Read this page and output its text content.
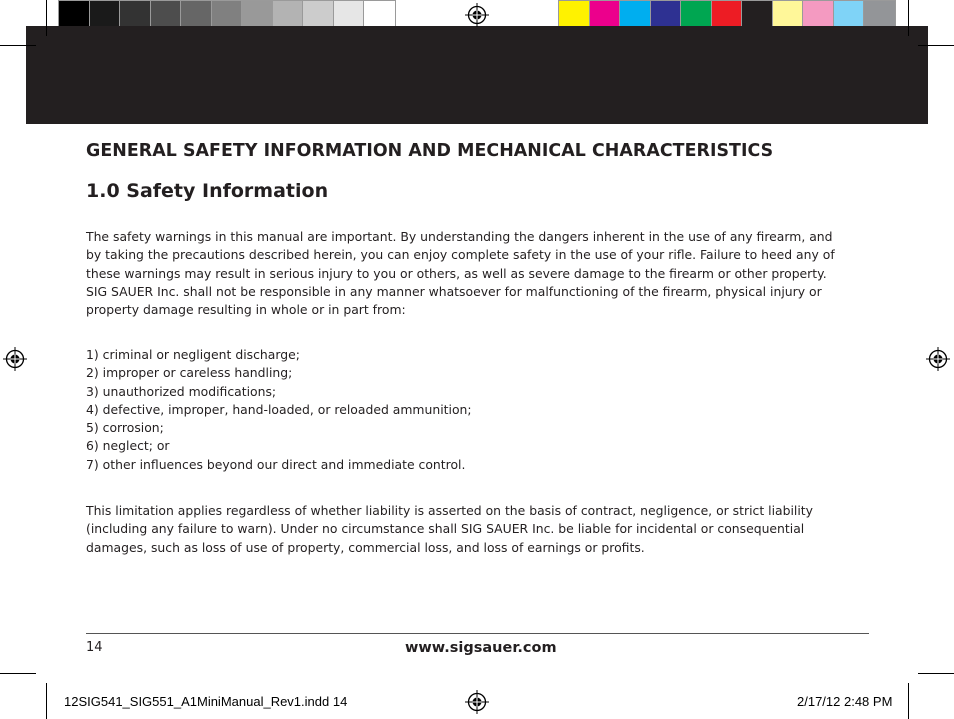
GENERAL SAFETY INFORMATION AND MECHANICAL CHARACTERISTICS
1.0 Safety Information

The safety warnings in this manual are important. By understanding the dangers inherent in the use of any firearm, and

by taking the precautions described herein, you can enjoy complete safety in the use of your rifle. Failure to heed any of

these warnings may result in serious injury to you or others, as well as severe damage to the firearm or other property.

SIG SAUER Inc. shall not be responsible in any manner whatsoever for malfunctioning of the firearm, physical injury or

property damage resulting in whole or in part from:

1) criminal or negligent discharge;

2) improper or careless handling;

3) unauthorized modifications;

4) defective, improper, hand-loaded, or reloaded ammunition;

5) corrosion;

6) neglect; or

7) other influences beyond our direct and immediate control.

This limitation applies regardless of whether liability is asserted on the basis of contract, negligence, or strict liability

(including any failure to warn). Under no circumstance shall SIG SAUER Inc. be liable for incidental or consequential

damages, such as loss of use of property, commercial loss, and loss of earnings or profits.

14	www.sigsauer.com
12SIG541_SIG551_A1MiniManual_Rev1.indd 14	2/17/12 2:48 PM
